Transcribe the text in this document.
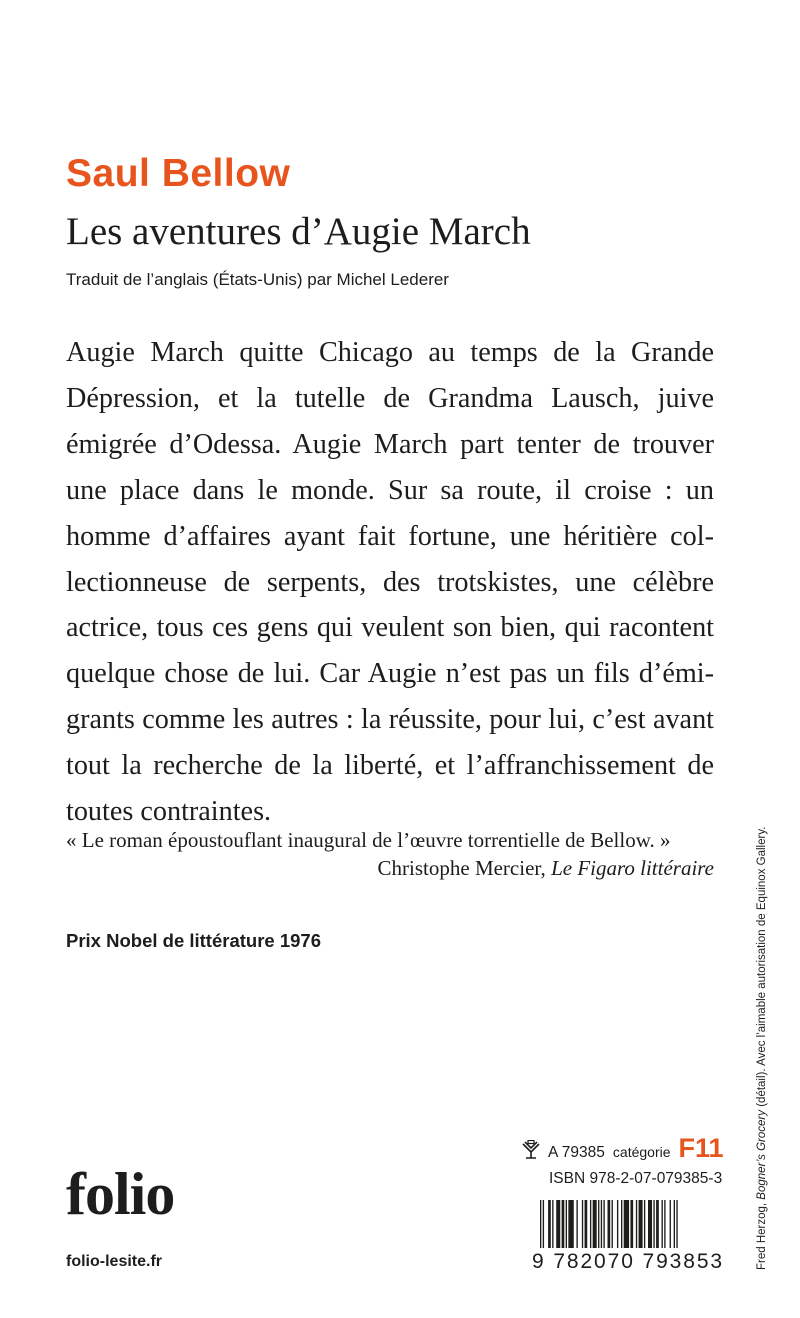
Saul Bellow
Les aventures d’Augie March
Traduit de l’anglais (États-Unis) par Michel Lederer

Augie March quitte Chicago au temps de la Grande
Dépression, et la tutelle de Grandma Lausch, juive
émigrée d’Odessa. Augie March part tenter de trouver
une place dans le monde. Sur sa route, il croise : un
homme d’affaires ayant fait fortune, une héritière col-
lectionneuse de serpents, des trotskistes, une célèbre
actrice, tous ces gens qui veulent son bien, qui racontent
quelque chose de lui. Car Augie n’est pas un fils d’émi-
grants comme les autres : la réussite, pour lui, c’est avant
tout la recherche de la liberté, et l’affranchissement de
toutes contraintes.

« Le roman époustouflant inaugural de l’œuvre torrentielle de Bellow. »
Christophe Mercier, Le Figaro littéraire
Prix Nobel de littérature 1976
A 79385 catégorie F11
ISBN 978-2-07-079385-3
9 782070 793853
folio
folio-lesite.fr	Fred Herzog, Bogner’s Grocery (détail). Avec l’aimable autorisation de Equinox Gallery.
